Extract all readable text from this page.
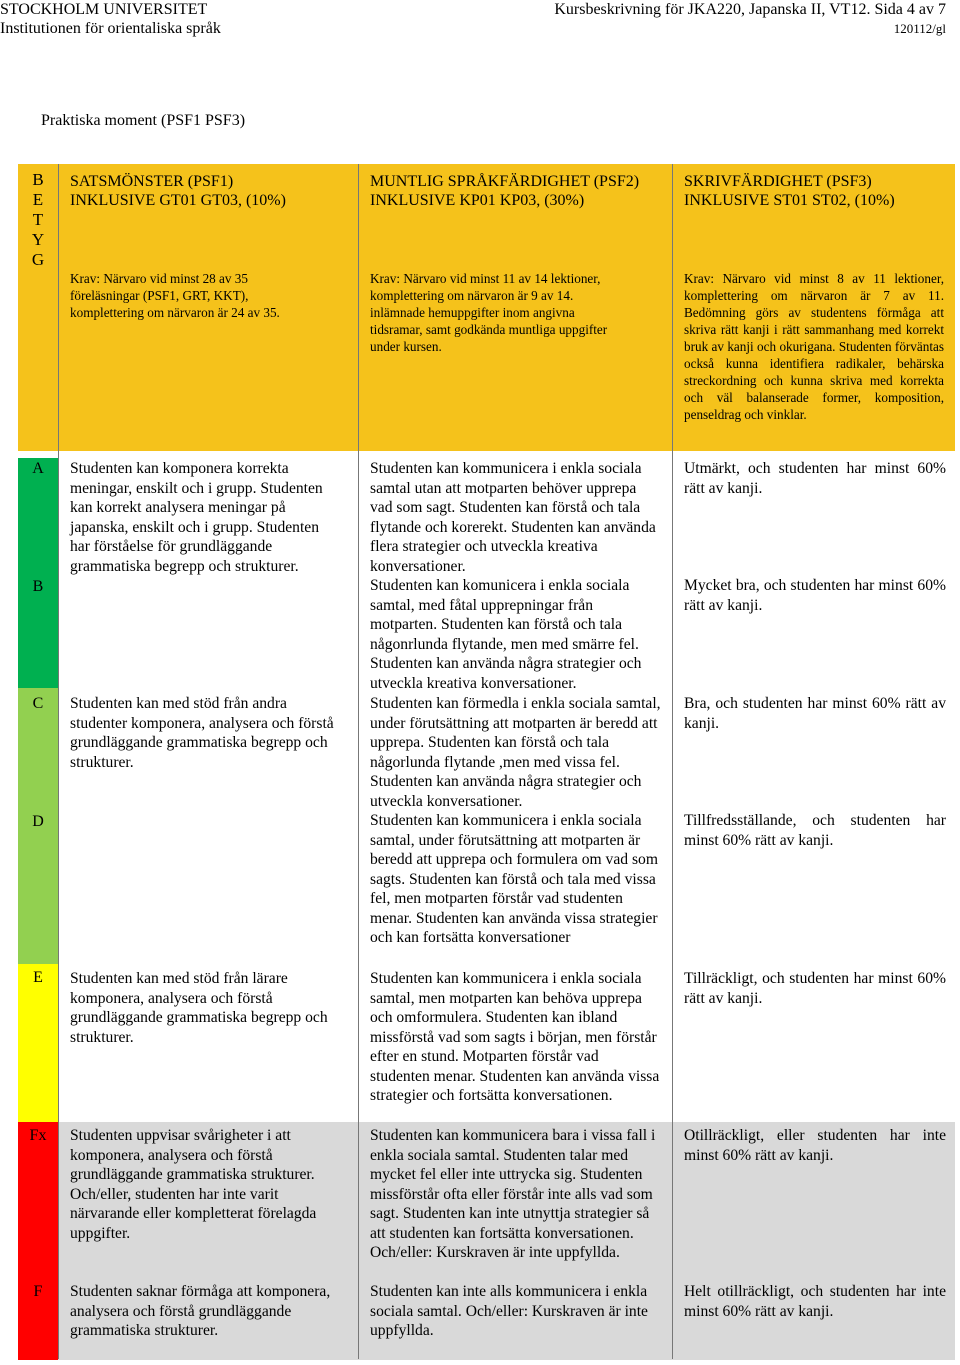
STOCKHOLM UNIVERSITET
Institutionen för orientaliska språk
Kursbeskrivning för JKA220, Japanska II, VT12. Sida 4 av 7
120112/gl
Praktiska moment (PSF1 PSF3)
B
E
T
Y
G
SATSMÖNSTER (PSF1)
INKLUSIVE GT01 GT03, (10%)
Krav: Närvaro vid minst 28 av 35
föreläsningar (PSF1, GRT, KKT),
komplettering om närvaron är 24 av 35.
MUNTLIG SPRÅKFÄRDIGHET (PSF2)
INKLUSIVE KP01 KP03, (30%)
Krav: Närvaro vid minst 11 av 14 lektioner,
komplettering om närvaron är 9 av 14.
inlämnade hemuppgifter inom angivna
tidsramar, samt godkända muntliga uppgifter
under kursen.
SKRIVFÄRDIGHET (PSF3)
INKLUSIVE ST01 ST02, (10%)
Krav: Närvaro vid minst 8 av 11 lektioner, komplettering om närvaron är 7 av 11. Bedömning görs av studentens förmåga att skriva rätt kanji i rätt sammanhang med korrekt bruk av kanji och okurigana. Studenten förväntas också kunna identifiera radikaler, behärska streckordning och kunna skriva med korrekta och väl balanserade former, komposition, penseldrag och vinklar.
A
B
C
D
E
Fx
F
Studenten kan komponera korrekta meningar, enskilt och i grupp. Studenten kan korrekt analysera meningar på japanska, enskilt och i grupp. Studenten har förståelse för grundläggande grammatiska begrepp och strukturer.
Studenten kan med stöd från andra studenter komponera, analysera och förstå grundläggande grammatiska begrepp och strukturer.
Studenten kan med stöd från lärare komponera, analysera och förstå grundläggande grammatiska begrepp och strukturer.
Studenten uppvisar svårigheter i att komponera, analysera och förstå grundläggande grammatiska strukturer. Och/eller, studenten har inte varit närvarande eller kompletterat förelagda uppgifter.
Studenten saknar förmåga att komponera, analysera och förstå grundläggande grammatiska strukturer.
Studenten kan kommunicera i enkla sociala samtal utan att motparten behöver upprepa vad som sagt. Studenten kan förstå och tala flytande och korerekt. Studenten kan använda flera strategier och utveckla kreativa konversationer.
Studenten kan komunicera i enkla sociala samtal, med fåtal upprepningar från motparten. Studenten kan förstå och tala någonrlunda flytande, men med smärre fel. Studenten kan använda några strategier och utveckla kreativa konversationer.
Studenten kan förmedla i enkla sociala samtal, under förutsättning att motparten är beredd att upprepa. Studenten kan förstå och tala någorlunda flytande ,men med vissa fel. Studenten kan använda några strategier och utveckla konversationer.
Studenten kan kommunicera i enkla sociala samtal, under förutsättning att motparten är beredd att upprepa och formulera om vad som sagts. Studenten kan förstå och tala med vissa fel, men motparten förstår vad studenten menar. Studenten kan använda vissa strategier och kan fortsätta konversationer
Studenten kan kommunicera i enkla sociala samtal, men motparten kan behöva upprepa och omformulera. Studenten kan ibland missförstå vad som sagts i början, men förstår efter en stund. Motparten förstår vad studenten menar. Studenten kan använda vissa strategier och fortsätta konversationen.
Studenten kan kommunicera bara i vissa fall i enkla sociala samtal. Studenten talar med mycket fel eller inte uttrycka sig. Studenten missförstår ofta eller förstår inte alls vad som sagt. Studenten kan inte utnyttja strategier så att studenten kan fortsätta konversationen. Och/eller: Kurskraven är inte uppfyllda.
Studenten kan inte alls kommunicera i enkla sociala samtal. Och/eller: Kurskraven är inte uppfyllda.
Utmärkt, och studenten har minst 60% rätt av kanji.
Mycket bra, och studenten har minst 60% rätt av kanji.
Bra, och studenten har minst 60% rätt av kanji.
Tillfredsställande, och studenten har minst 60% rätt av kanji.
Tillräckligt, och studenten har minst 60% rätt av kanji.
Otillräckligt, eller studenten har inte minst 60% rätt av kanji.
Helt otillräckligt, och studenten har inte minst 60% rätt av kanji.
